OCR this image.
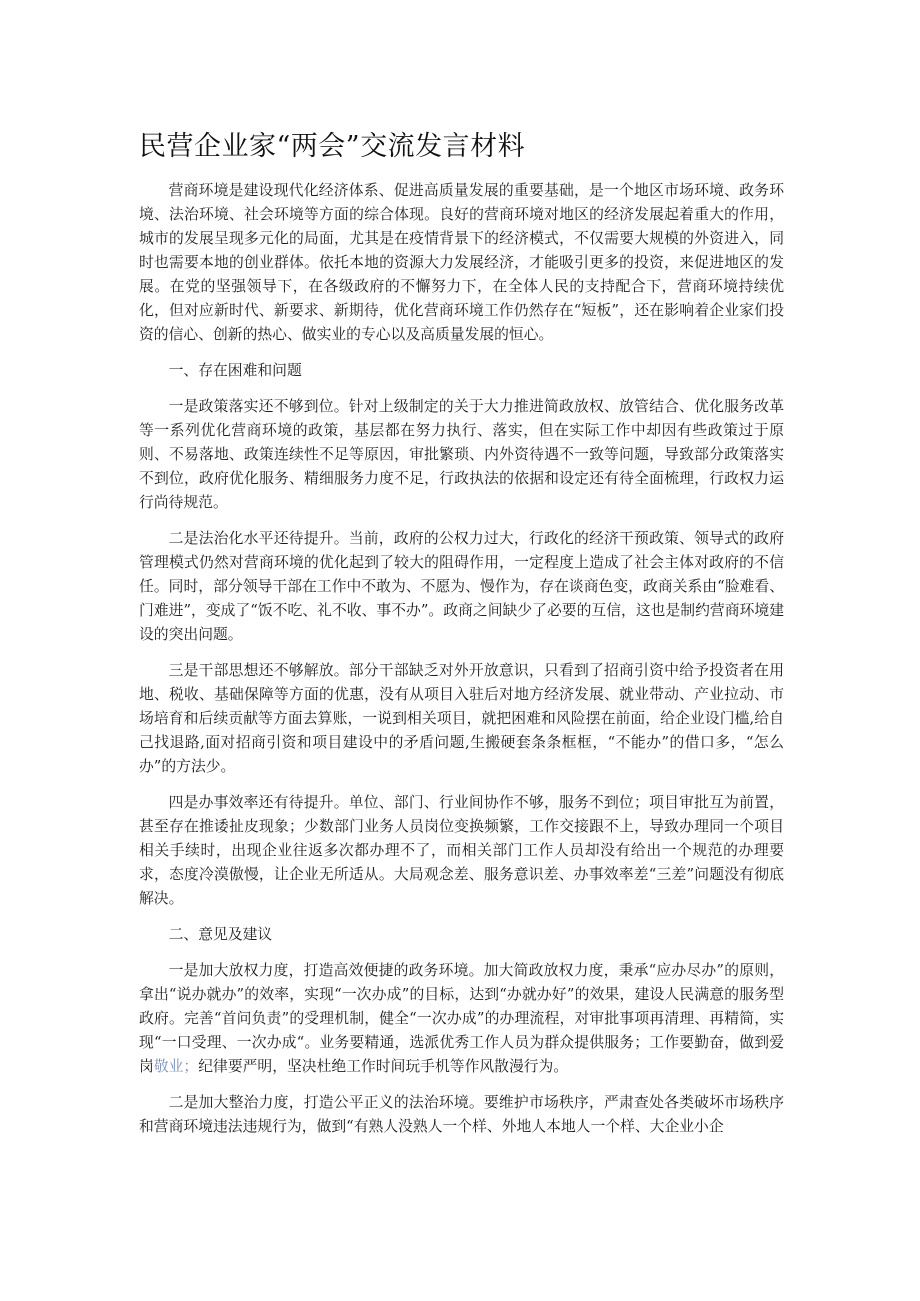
民营企业家“两会”交流发言材料

营商环境是建设现代化经济体系、促进高质量发展的重要基础，是一个地区市场环境、政务环境、法治环境、社会环境等方面的综合体现。良好的营商环境对地区的经济发展起着重大的作用，城市的发展呈现多元化的局面，尤其是在疫情背景下的经济模式，不仅需要大规模的外资进入，同时也需要本地的创业群体。依托本地的资源大力发展经济，才能吸引更多的投资，来促进地区的发展。在党的坚强领导下，在各级政府的不懈努力下，在全体人民的支持配合下，营商环境持续优化，但对应新时代、新要求、新期待，优化营商环境工作仍然存在“短板”，还在影响着企业家们投资的信心、创新的热心、做实业的专心以及高质量发展的恒心。

一、存在困难和问题

一是政策落实还不够到位。针对上级制定的关于大力推进简政放权、放管结合、优化服务改革等一系列优化营商环境的政策，基层都在努力执行、落实，但在实际工作中却因有些政策过于原则、不易落地、政策连续性不足等原因，审批繁琐、内外资待遇不一致等问题，导致部分政策落实不到位，政府优化服务、精细服务力度不足，行政执法的依据和设定还有待全面梳理，行政权力运行尚待规范。

二是法治化水平还待提升。当前，政府的公权力过大，行政化的经济干预政策、领导式的政府管理模式仍然对营商环境的优化起到了较大的阻碍作用，一定程度上造成了社会主体对政府的不信任。同时，部分领导干部在工作中不敢为、不愿为、慢作为，存在谈商色变，政商关系由“脸难看、门难进”，变成了“饭不吃、礼不收、事不办”。政商之间缺少了必要的互信，这也是制约营商环境建设的突出问题。

三是干部思想还不够解放。部分干部缺乏对外开放意识，只看到了招商引资中给予投资者在用地、税收、基础保障等方面的优惠，没有从项目入驻后对地方经济发展、就业带动、产业拉动、市场培育和后续贡献等方面去算账，一说到相关项目，就把困难和风险摆在前面，给企业设门槛,给自己找退路,面对招商引资和项目建设中的矛盾问题,生搬硬套条条框框，“不能办”的借口多，“怎么办”的方法少。

四是办事效率还有待提升。单位、部门、行业间协作不够，服务不到位；项目审批互为前置，甚至存在推诿扯皮现象；少数部门业务人员岗位变换频繁，工作交接跟不上，导致办理同一个项目相关手续时，出现企业往返多次都办理不了，而相关部门工作人员却没有给出一个规范的办理要求，态度冷漠傲慢，让企业无所适从。大局观念差、服务意识差、办事效率差“三差”问题没有彻底解决。

二、意见及建议

一是加大放权力度，打造高效便捷的政务环境。加大简政放权力度，秉承“应办尽办”的原则，拿出“说办就办”的效率，实现“一次办成”的目标，达到“办就办好”的效果，建设人民满意的服务型政府。完善“首问负责”的受理机制，健全“一次办成”的办理流程，对审批事项再清理、再精简，实现“一口受理、一次办成“。业务要精通，选派优秀工作人员为群众提供服务；工作要勤奋，做到爱岗敬业；纪律要严明，坚决杜绝工作时间玩手机等作风散漫行为。

二是加大整治力度，打造公平正义的法治环境。要维护市场秩序，严肃查处各类破坏市场秩序和营商环境违法违规行为，做到“有熟人没熟人一个样、外地人本地人一个样、大企业小企
